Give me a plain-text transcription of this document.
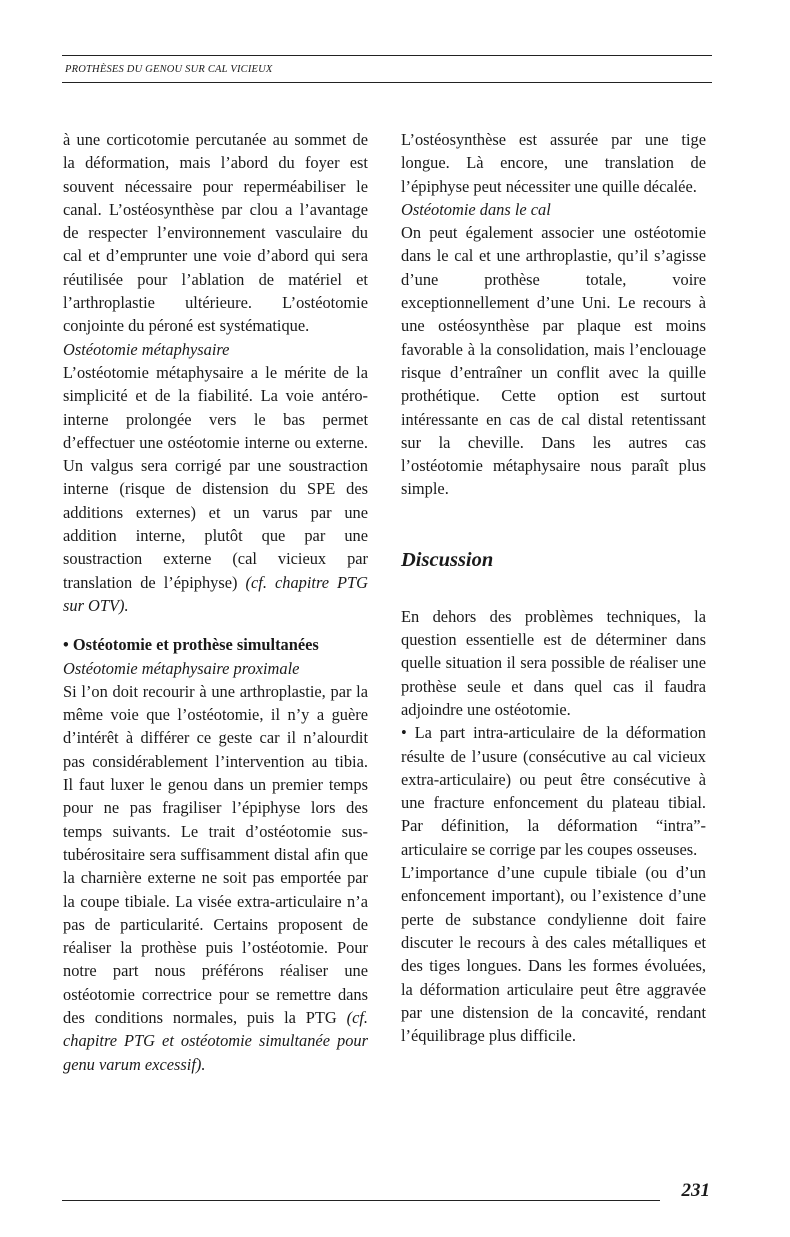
PROTHÈSES DU GENOU SUR CAL VICIEUX

à une corticotomie percutanée au sommet de la déformation, mais l’abord du foyer est souvent nécessaire pour reperméabiliser le canal. L’ostéosynthèse par clou a l’avantage de respecter l’environnement vasculaire du cal et d’emprunter une voie d’abord qui sera réutilisée pour l’ablation de matériel et l’arthroplastie ultérieure. L’ostéotomie conjointe du péroné est systématique.

Ostéotomie métaphysaire

L’ostéotomie métaphysaire a le mérite de la simplicité et de la fiabilité. La voie antéro-interne prolongée vers le bas permet d’effectuer une ostéotomie interne ou externe. Un valgus sera corrigé par une soustraction interne (risque de distension du SPE des additions externes) et un varus par une addition interne, plutôt que par une soustraction externe (cal vicieux par translation de l’épiphyse) (cf. chapitre PTG sur OTV).

• Ostéotomie et prothèse simultanées

Ostéotomie métaphysaire proximale

Si l’on doit recourir à une arthroplastie, par la même voie que l’ostéotomie, il n’y a guère d’intérêt à différer ce geste car il n’alourdit pas considérablement l’intervention au tibia. Il faut luxer le genou dans un premier temps pour ne pas fragiliser l’épiphyse lors des temps suivants. Le trait d’ostéotomie sus-tubérositaire sera suffisamment distal afin que la charnière externe ne soit pas emportée par la coupe tibiale. La visée extra-articulaire n’a pas de particularité. Certains proposent de réaliser la prothèse puis l’ostéotomie. Pour notre part nous préférons réaliser une ostéotomie correctrice pour se remettre dans des conditions normales, puis la PTG (cf. chapitre PTG et ostéotomie simultanée pour genu varum excessif).

L’ostéosynthèse est assurée par une tige longue. Là encore, une translation de l’épiphyse peut nécessiter une quille décalée.

Ostéotomie dans le cal

On peut également associer une ostéotomie dans le cal et une arthroplastie, qu’il s’agisse d’une prothèse totale, voire exceptionnellement d’une Uni. Le recours à une ostéosynthèse par plaque est moins favorable à la consolidation, mais l’enclouage risque d’entraîner un conflit avec la quille prothétique. Cette option est surtout intéressante en cas de cal distal retentissant sur la cheville. Dans les autres cas l’ostéotomie métaphysaire nous paraît plus simple.

Discussion

En dehors des problèmes techniques, la question essentielle est de déterminer dans quelle situation il sera possible de réaliser une prothèse seule et dans quel cas il faudra adjoindre une ostéotomie.

• La part intra-articulaire de la déformation résulte de l’usure (consécutive au cal vicieux extra-articulaire) ou peut être consécutive à une fracture enfoncement du plateau tibial. Par définition, la déformation “intra”-articulaire se corrige par les coupes osseuses.

L’importance d’une cupule tibiale (ou d’un enfoncement important), ou l’existence d’une perte de substance condylienne doit faire discuter le recours à des cales métalliques et des tiges longues. Dans les formes évoluées, la déformation articulaire peut être aggravée par une distension de la concavité, rendant l’équilibrage plus difficile.

231
